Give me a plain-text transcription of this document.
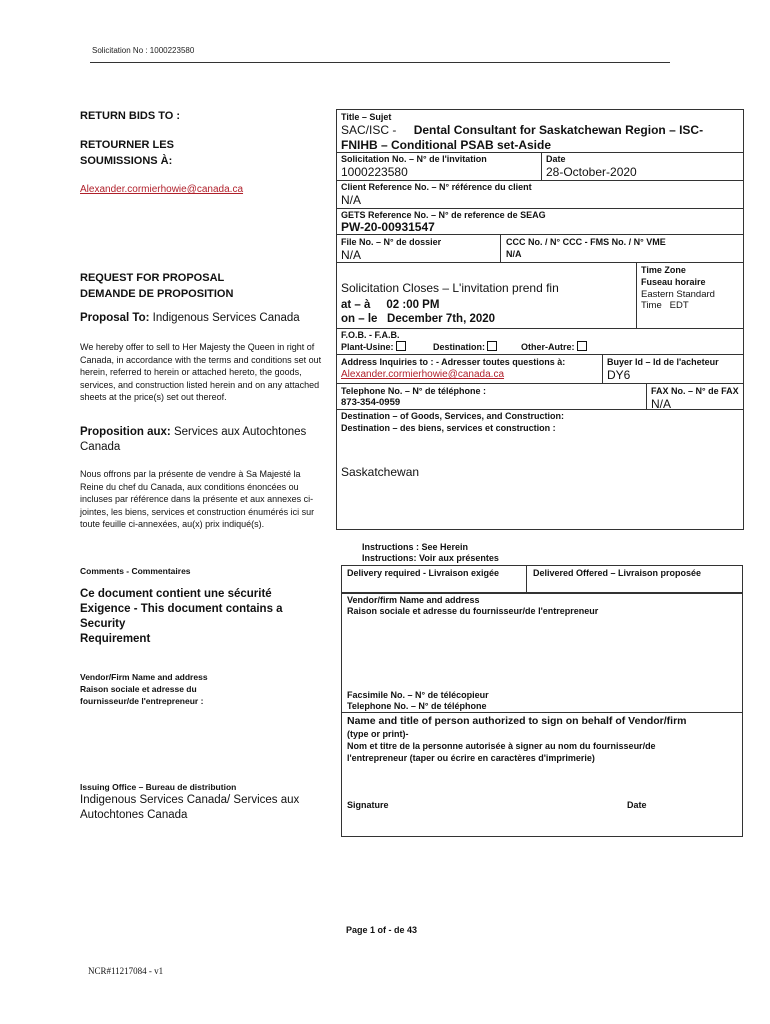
Solicitation No : 1000223580
RETURN BIDS TO :
RETOURNER LES
SOUMISSIONS À:
Alexander.cormierhowie@canada.ca
REQUEST FOR PROPOSAL
DEMANDE DE PROPOSITION
Proposal To: Indigenous Services Canada
We hereby offer to sell to Her Majesty the Queen in right of Canada, in accordance with the terms and conditions set out herein, referred to herein or attached hereto, the goods, services, and construction listed herein and on any attached sheets at the price(s) set out thereof.
Proposition aux: Services aux Autochtones Canada
Nous offrons par la présente de vendre à Sa Majesté la Reine du chef du Canada, aux conditions énoncées ou incluses par référence dans la présente et aux annexes ci-jointes, les biens, services et construction énumérés ici sur toute feuille ci-annexées, au(x) prix indiqué(s).
Comments - Commentaires
Ce document contient une sécurité
Exigence - This document contains a
Security
Requirement
Vendor/Firm Name and address
Raison sociale et adresse du
fournisseur/de l'entrepreneur :
Issuing Office – Bureau de distribution
Indigenous Services Canada/ Services aux
Autochtones Canada
Title – Sujet
SAC/ISC - Dental Consultant for Saskatchewan Region – ISC-
FNIHB – Conditional PSAB set-Aside
Solicitation No. – N° de l'invitation
1000223580
Date
28-October-2020
Client Reference No. – N° référence du client
N/A
GETS Reference No. – N° de reference de SEAG
PW-20-00931547
File No. – N° de dossier
N/A
CCC No. / N° CCC - FMS No. / N° VME
N/A
Solicitation Closes – L'invitation prend fin
at – à     02 :00 PM
on – le   December 7th, 2020
Time Zone
Fuseau horaire
Eastern Standard
Time   EDT
F.O.B. - F.A.B.
Plant-Usine:	Destination:	Other-Autre:
Address Inquiries to : - Adresser toutes questions à:
Alexander.cormierhowie@canada.ca
Buyer Id – Id de l'acheteur
DY6
Telephone No. – N° de téléphone :
873-354-0959
FAX No. – N° de FAX
N/A
Destination – of Goods, Services, and Construction:
Destination – des biens, services et construction :
Saskatchewan
Instructions : See Herein
Instructions: Voir aux présentes
Delivery required - Livraison exigée	Delivered Offered – Livraison proposée
Vendor/firm Name and address
Raison sociale et adresse du fournisseur/de l'entrepreneur
Facsimile No. – N° de télécopieur
Telephone No. – N° de téléphone
Name and title of person authorized to sign on behalf of Vendor/firm
(type or print)-
Nom et titre de la personne autorisée à signer au nom du fournisseur/de
l'entrepreneur (taper ou écrire en caractères d'imprimerie)
Signature	Date
Page 1 of - de 43
NCR#11217084 - v1
